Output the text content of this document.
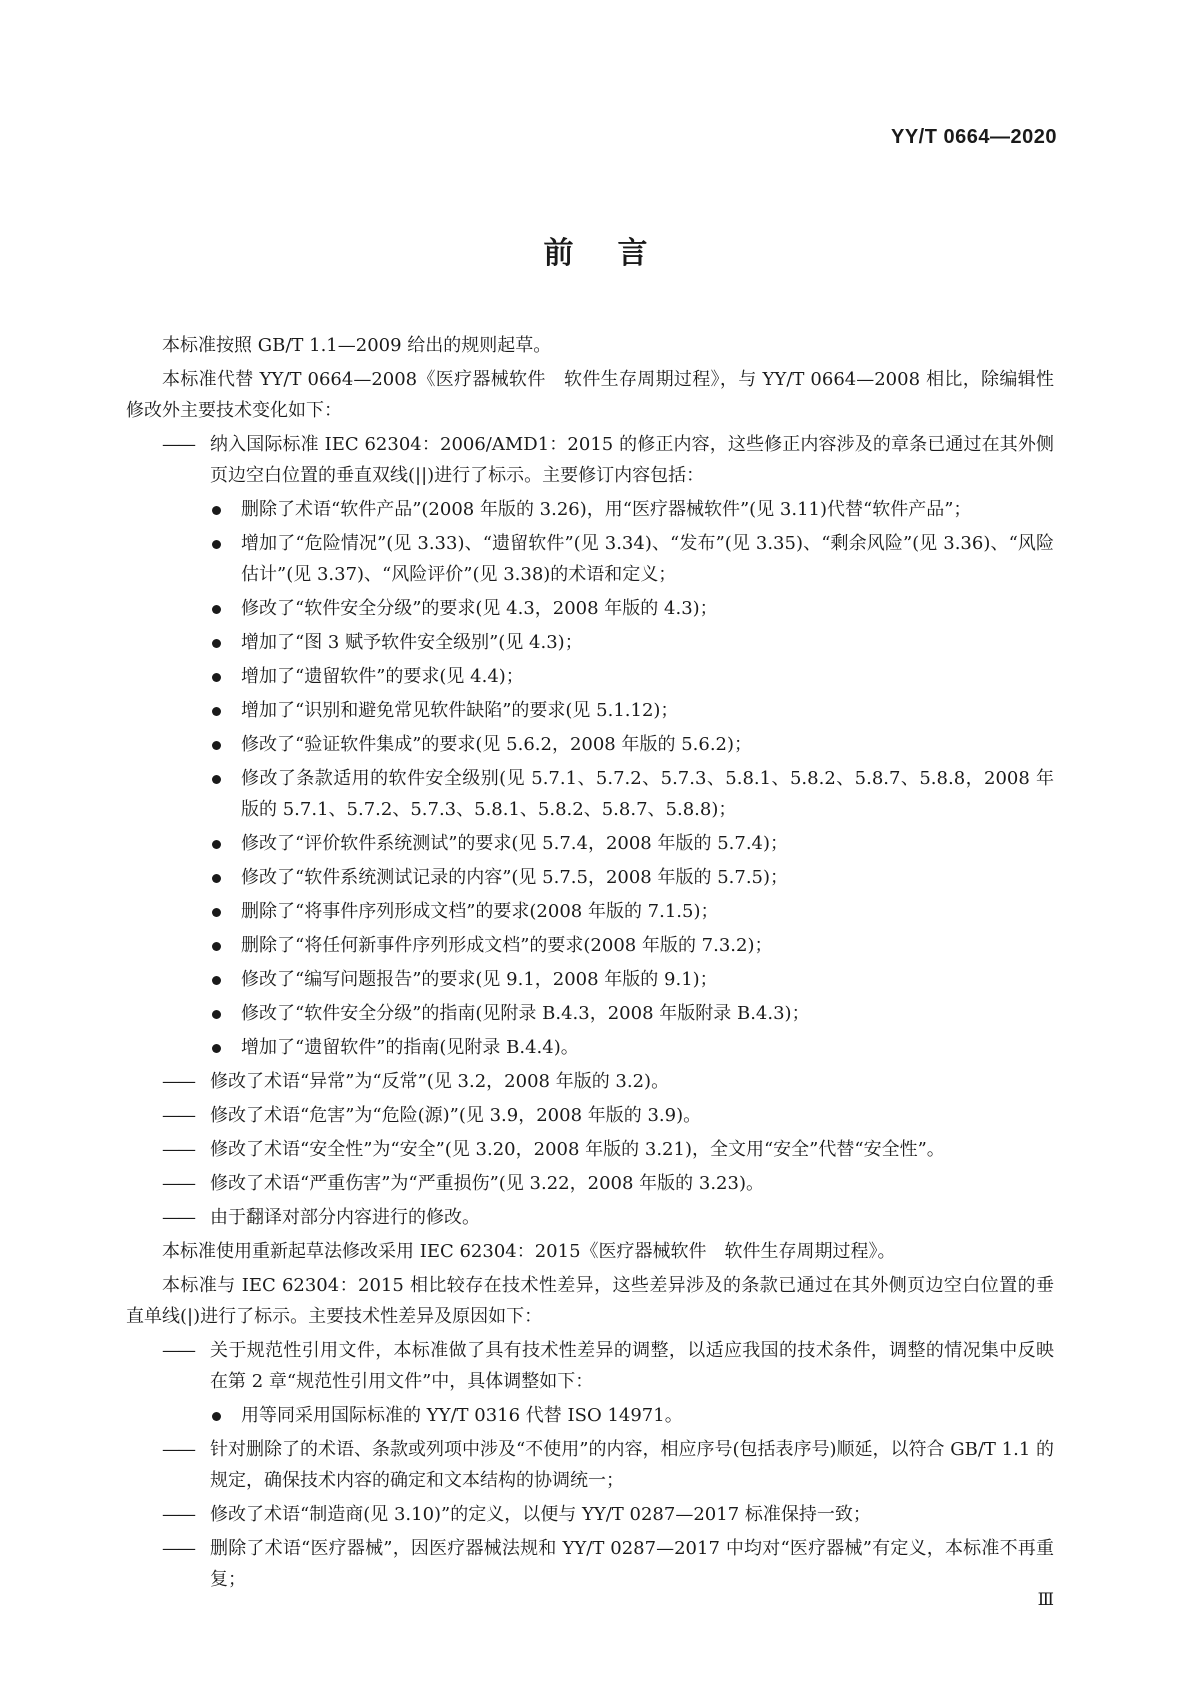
YY/T 0664—2020
前言

本标准按照 GB/T 1.1—2009 给出的规则起草。

本标准代替 YY/T 0664—2008《医疗器械软件　软件生存周期过程》，与 YY/T 0664—2008 相比，除编辑性修改外主要技术变化如下：

—— 纳入国际标准 IEC 62304：2006/AMD1：2015 的修正内容，这些修正内容涉及的章条已通过在其外侧页边空白位置的垂直双线(||)进行了标示。主要修订内容包括：
删除了术语“软件产品”(2008 年版的 3.26)，用“医疗器械软件”(见 3.11)代替“软件产品”；
增加了“危险情况”(见 3.33)、“遗留软件”(见 3.34)、“发布”(见 3.35)、“剩余风险”(见 3.36)、“风险估计”(见 3.37)、“风险评价”(见 3.38)的术语和定义；
修改了“软件安全分级”的要求(见 4.3，2008 年版的 4.3)；
增加了“图 3 赋予软件安全级别”(见 4.3)；
增加了“遗留软件”的要求(见 4.4)；
增加了“识别和避免常见软件缺陷”的要求(见 5.1.12)；
修改了“验证软件集成”的要求(见 5.6.2，2008 年版的 5.6.2)；
修改了条款适用的软件安全级别(见 5.7.1、5.7.2、5.7.3、5.8.1、5.8.2、5.8.7、5.8.8，2008 年版的 5.7.1、5.7.2、5.7.3、5.8.1、5.8.2、5.8.7、5.8.8)；
修改了“评价软件系统测试”的要求(见 5.7.4，2008 年版的 5.7.4)；
修改了“软件系统测试记录的内容”(见 5.7.5，2008 年版的 5.7.5)；
删除了“将事件序列形成文档”的要求(2008 年版的 7.1.5)；
删除了“将任何新事件序列形成文档”的要求(2008 年版的 7.3.2)；
修改了“编写问题报告”的要求(见 9.1，2008 年版的 9.1)；
修改了“软件安全分级”的指南(见附录 B.4.3，2008 年版附录 B.4.3)；
增加了“遗留软件”的指南(见附录 B.4.4)。
—— 修改了术语“异常”为“反常”(见 3.2，2008 年版的 3.2)。
—— 修改了术语“危害”为“危险(源)”(见 3.9，2008 年版的 3.9)。
—— 修改了术语“安全性”为“安全”(见 3.20，2008 年版的 3.21)，全文用“安全”代替“安全性”。
—— 修改了术语“严重伤害”为“严重损伤”(见 3.22，2008 年版的 3.23)。
—— 由于翻译对部分内容进行的修改。

本标准使用重新起草法修改采用 IEC 62304：2015《医疗器械软件　软件生存周期过程》。

本标准与 IEC 62304：2015 相比较存在技术性差异，这些差异涉及的条款已通过在其外侧页边空白位置的垂直单线(|)进行了标示。主要技术性差异及原因如下：

—— 关于规范性引用文件，本标准做了具有技术性差异的调整，以适应我国的技术条件，调整的情况集中反映在第 2 章“规范性引用文件”中，具体调整如下：
用等同采用国际标准的 YY/T 0316 代替 ISO 14971。
—— 针对删除了的术语、条款或列项中涉及“不使用”的内容，相应序号(包括表序号)顺延，以符合 GB/T 1.1 的规定，确保技术内容的确定和文本结构的协调统一；
—— 修改了术语“制造商(见 3.10)”的定义，以便与 YY/T 0287—2017 标准保持一致；
—— 删除了术语“医疗器械”，因医疗器械法规和 YY/T 0287—2017 中均对“医疗器械”有定义，本标准不再重复；
Ⅲ
